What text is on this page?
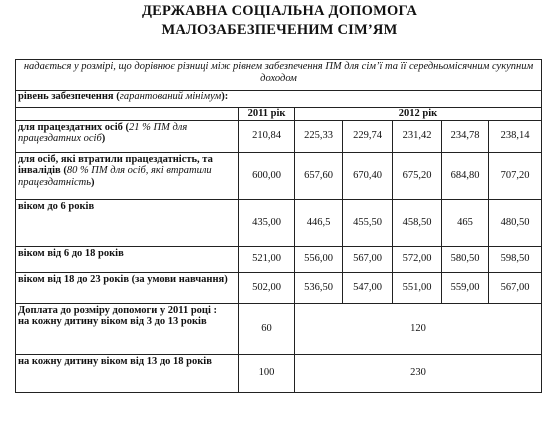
ДЕРЖАВНА СОЦІАЛЬНА ДОПОМОГА
МАЛОЗАБЕЗПЕЧЕНИМ СІМ’ЯМ
надається у розмірі, що дорівнює різниці між рівнем забезпечення ПМ для сім’ї та її середньомісячним сукупним доходом						
рівень забезпечення (гарантований мінімум):						
	2011 рік	2012 рік				
для працездатних осіб (21 % ПМ для працездатних осіб)	210,84	225,33	229,74	231,42	234,78	238,14
для осіб, які втратили працездатність, та інвалідів (80 % ПМ для осіб, які втратили працездатність)	600,00	657,60	670,40	675,20	684,80	707,20
віком до 6 років	435,00	446,5	455,50	458,50	465	480,50
віком від 6 до 18 років	521,00	556,00	567,00	572,00	580,50	598,50
віком від 18 до 23 років (за умови навчання)	502,00	536,50	547,00	551,00	559,00	567,00

Доплата до розміру допомоги у 2011 році :
на кожну дитину віком від 3 до 13 років	60	120				
на кожну дитину віком від 13 до 18 років	100	230				
